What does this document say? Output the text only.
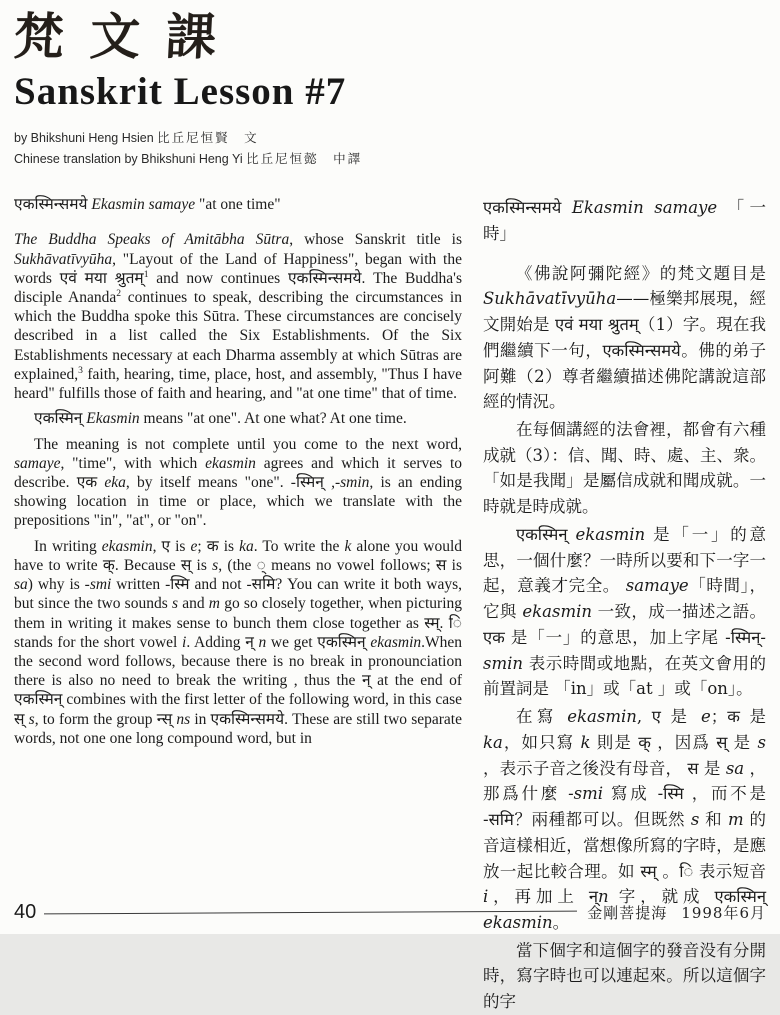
梵文課
Sanskrit Lesson #7
by Bhikshuni Heng Hsien 比丘尼恒賢　文
Chinese translation by Bhikshuni Heng Yi 比丘尼恒懿　中譯

एकस्मिन्समये Ekasmin samaye "at one time"

The Buddha Speaks of Amitābha Sūtra, whose Sanskrit title is Sukhāvatīvyūha, "Layout of the Land of Happiness", began with the words एवं मया श्रुतम्$^1$ and now continues एकस्मिन्समये. The Buddha's disciple Ananda$^2$ continues to speak, describing the circumstances in which the Buddha spoke this Sūtra. These circumstances are concisely described in a list called the Six Establishments. Of the Six Establishments necessary at each Dharma assembly at which Sūtras are explained,$^3$ faith, hearing, time, place, host, and assembly, "Thus I have heard" fulfills those of faith and hearing, and "at one time" that of time.

एकस्मिन् Ekasmin means "at one". At one what? At one time.

The meaning is not complete until you come to the next word, samaye, "time", with which ekasmin agrees and which it serves to describe. एक eka, by itself means "one". -स्मिन् ,-smin, is an ending showing location in time or place, which we translate with the prepositions "in", "at", or "on".

In writing ekasmin, ए is e; क is ka. To write the k alone you would have to write क्. Because स् is s, (the ् means no vowel follows; स is sa) why is -smi written -स्मि and not -समि? You can write it both ways, but since the two sounds s and m go so closely together, when picturing them in writing it makes sense to bunch them close together as स्म्. ि stands for the short vowel i. Adding न् n we get एकस्मिन् ekasmin.When the second word follows, because there is no break in pronounciation there is also no need to break the writing , thus the न् at the end of एकस्मिन् combines with the first letter of the following word, in this case स् s, to form the group न्स् ns in एकस्मिन्समये. These are still two separate words, not one one long compound word, but in

एकस्मिन्समये Ekasmin samaye 「一時」

《佛說阿彌陀經》的梵文題目是Sukhāvatīvyūha——極樂邦展現，經文開始是 एवं मया श्रुतम्（1）字。現在我們繼續下一句，एकस्मिन्समये。佛的弟子阿難（2）尊者繼續描述佛陀講說這部經的情況。

在每個講經的法會裡，都會有六種成就（3）：信、聞、時、處、主、衆。「如是我聞」是屬信成就和聞成就。一時就是時成就。

एकस्मिन् ekasmin 是「一」的意思，一個什麼？一時所以要和下一字一起，意義才完全。 samaye「時間」，它與 ekasmin 一致，成一描述之語。 एक 是「一」的意思，加上字尾 -स्मिन्-smin 表示時間或地點，在英文會用的前置詞是 「in」或「at 」或「on」。

在寫 ekasmin, ए 是 e；क 是 ka，如只寫 k 則是 क् ，因爲 स् 是 s ，表示子音之後没有母音， स 是 sa ，那爲什麼 -smi 寫成 -स्मि ，而不是 -समि？兩種都可以。但既然 s 和 m 的音這樣相近，當想像所寫的字時，是應放一起比較合理。如 स्म् 。ि 表示短音 i，再加上 न्n 字，就成 एकस्मिन् ekasmin。

當下個字和這個字的發音没有分開時，寫字時也可以連起來。所以這個字的字

40	金剛菩提海 1998年6月
